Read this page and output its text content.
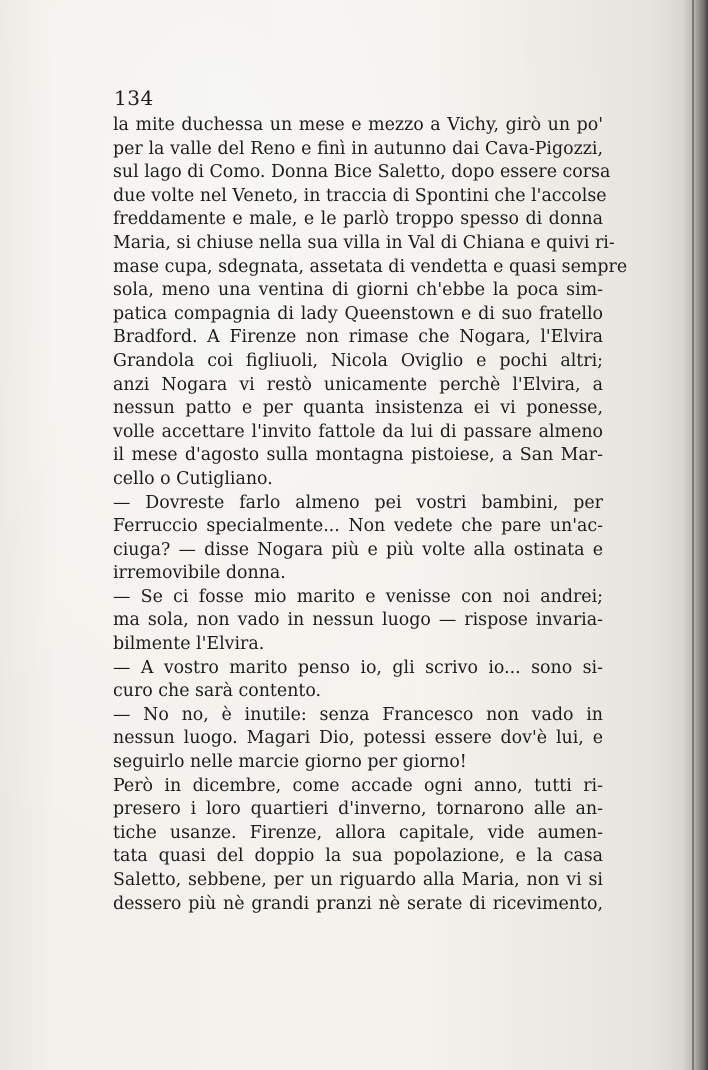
134
la mite duchessa un mese e mezzo a Vichy, girò un po'
per la valle del Reno e finì in autunno dai Cava-Pigozzi,
sul lago di Como. Donna Bice Saletto, dopo essere corsa
due volte nel Veneto, in traccia di Spontini che l'accolse
freddamente e male, e le parlò troppo spesso di donna
Maria, si chiuse nella sua villa in Val di Chiana e quivi ri-
mase cupa, sdegnata, assetata di vendetta e quasi sempre
sola, meno una ventina di giorni ch'ebbe la poca sim-
patica compagnia di lady Queenstown e di suo fratello
Bradford. A Firenze non rimase che Nogara, l'Elvira
Grandola coi figliuoli, Nicola Oviglio e pochi altri;
anzi Nogara vi restò unicamente perchè l'Elvira, a
nessun patto e per quanta insistenza ei vi ponesse,
volle accettare l'invito fattole da lui di passare almeno
il mese d'agosto sulla montagna pistoiese, a San Mar-
cello o Cutigliano.
— Dovreste farlo almeno pei vostri bambini, per
Ferruccio specialmente... Non vedete che pare un'ac-
ciuga? — disse Nogara più e più volte alla ostinata e
irremovibile donna.
— Se ci fosse mio marito e venisse con noi andrei;
ma sola, non vado in nessun luogo — rispose invaria-
bilmente l'Elvira.
— A vostro marito penso io, gli scrivo io... sono si-
curo che sarà contento.
— No no, è inutile: senza Francesco non vado in
nessun luogo. Magari Dio, potessi essere dov'è lui, e
seguirlo nelle marcie giorno per giorno!
Però in dicembre, come accade ogni anno, tutti ri-
presero i loro quartieri d'inverno, tornarono alle an-
tiche usanze. Firenze, allora capitale, vide aumen-
tata quasi del doppio la sua popolazione, e la casa
Saletto, sebbene, per un riguardo alla Maria, non vi si
dessero più nè grandi pranzi nè serate di ricevimento,
